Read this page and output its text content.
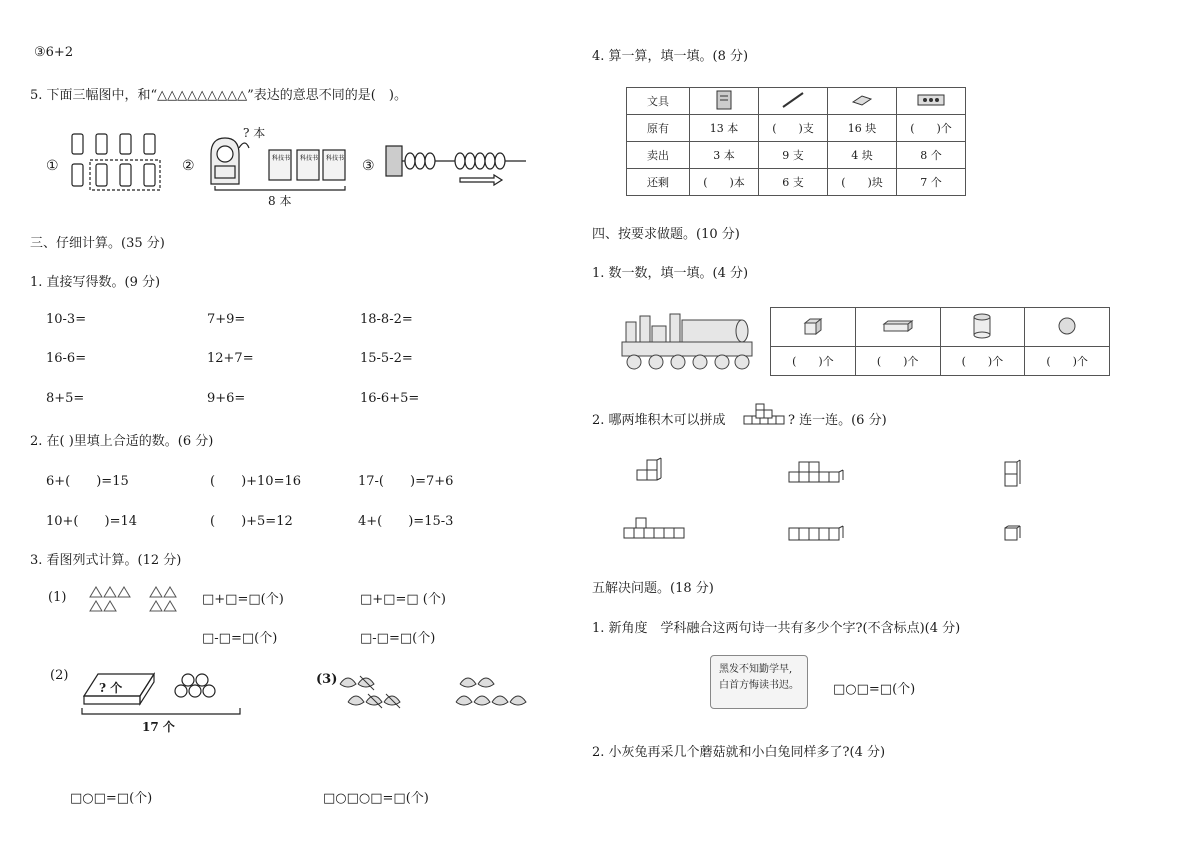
③6+2
5. 下面三幅图中，和“△△△△△△△△△”表达的意思不同的是(　)。
①	②
? 本
科技书 科技书 科技书
8 本
③
三、仔细计算。(35 分)
1. 直接写得数。(9 分)
10-3=	7+9=	18-8-2=
16-6=	12+7=	15-5-2=
8+5=	9+6=	16-6+5=
2. 在( )里填上合适的数。(6 分)
6+(　　)=15	(　　)+10=16	17-(　　)=7+6
10+(　　)=14	(　　)+5=12	4+(　　)=15-3
3. 看图列式计算。(12 分)
(1)	□+□=□(个)	□+□=□ (个)
□-□=□(个)	□-□=□(个)
(2)
? 个
17 个
(3)
□○□=□(个)	□○□○□=□(个)
4. 算一算，填一填。(8 分)
文具				
原有	13 本	(　　)支	16 块	(　　)个
卖出	3 本	9 支	4 块	8 个
还剩	(　　)本	6 支	(　　)块	7 个
四、按要求做题。(10 分)
1. 数一数，填一填。(4 分)

(　　)个	(　　)个	(　　)个	(　　)个
2. 哪两堆积木可以拼成	? 连一连。(6 分)
五解决问题。(18 分)
1. 新角度　学科融合这两句诗一共有多少个字?(不含标点)(4 分)
黑发不知勤学早,
白首方悔读书迟。	□○□=□(个)
2. 小灰兔再采几个蘑菇就和小白兔同样多了?(4 分)
